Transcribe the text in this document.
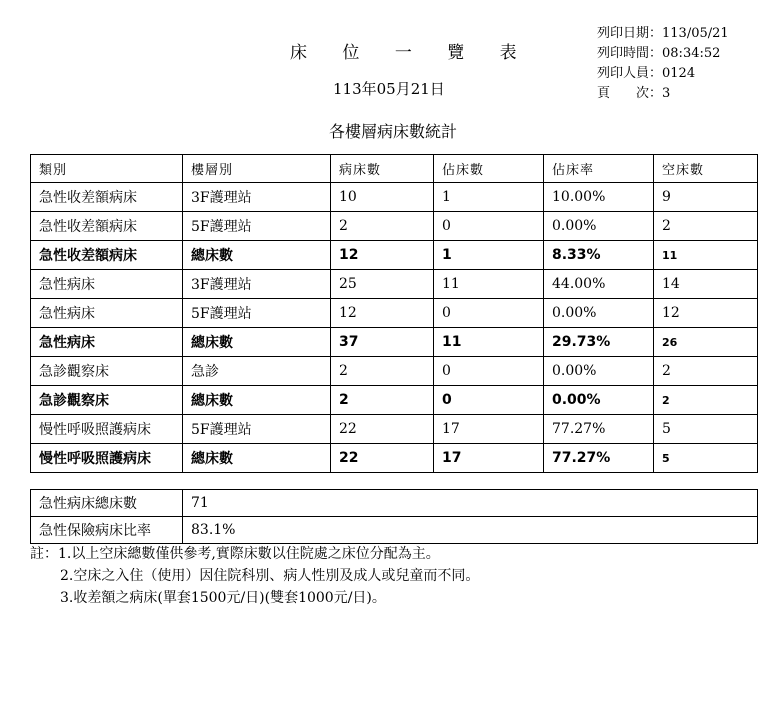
床 位 一 覽 表
113年05月21日
列印日期：113/05/21
列印時間：08:34:52
列印人員：0124
頁　　次：3
各樓層病床數統計
類別	樓層別	病床數	佔床數	佔床率	空床數
急性收差額病床	3F護理站	10	1	10.00%	9
急性收差額病床	5F護理站	2	0	0.00%	2
急性收差額病床	總床數	12	1	8.33%	11
急性病床	3F護理站	25	11	44.00%	14
急性病床	5F護理站	12	0	0.00%	12
急性病床	總床數	37	11	29.73%	26
急診觀察床	急診	2	0	0.00%	2
急診觀察床	總床數	2	0	0.00%	2
慢性呼吸照護病床	5F護理站	22	17	77.27%	5
慢性呼吸照護病床	總床數	22	17	77.27%	5
急性病床總床數	71
急性保險病床比率	83.1%
註：1.以上空床總數僅供參考,實際床數以住院處之床位分配為主。
2.空床之入住（使用）因住院科別、病人性別及成人或兒童而不同。
3.收差額之病床(單套1500元/日)(雙套1000元/日)。
